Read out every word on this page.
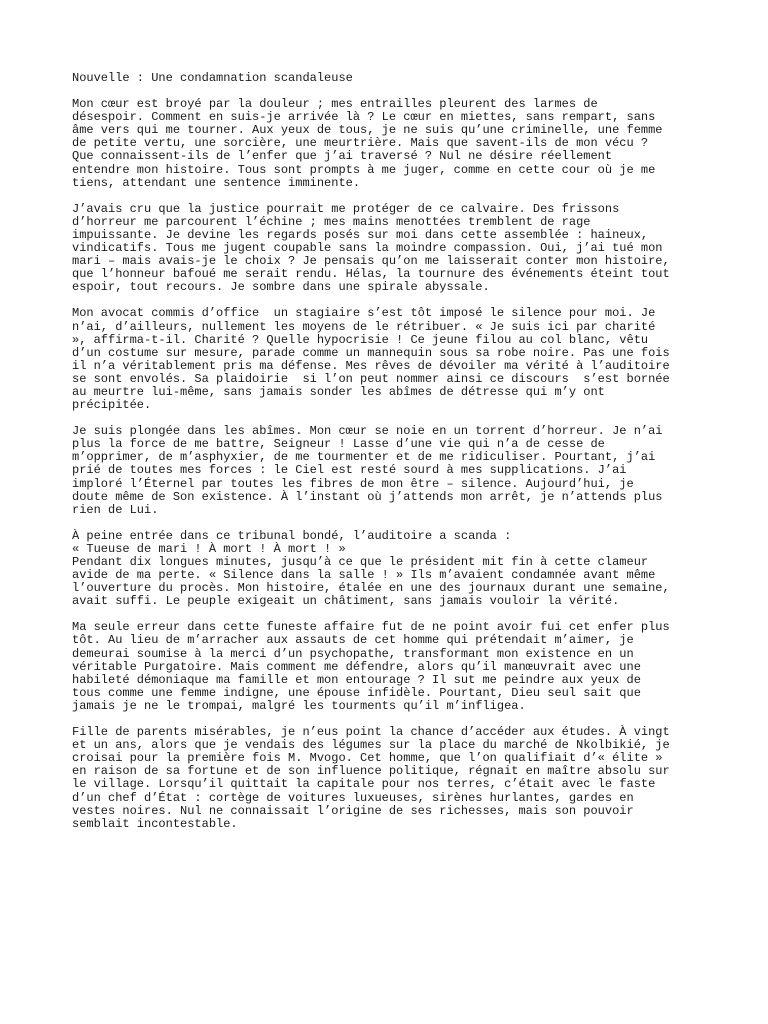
Nouvelle : Une condamnation scandaleuse
Mon cœur est broyé par la douleur ; mes entrailles pleurent des larmes de
désespoir. Comment en suis-je arrivée là ? Le cœur en miettes, sans rempart, sans
âme vers qui me tourner. Aux yeux de tous, je ne suis qu’une criminelle, une femme
de petite vertu, une sorcière, une meurtrière. Mais que savent-ils de mon vécu ?
Que connaissent-ils de l’enfer que j’ai traversé ? Nul ne désire réellement
entendre mon histoire. Tous sont prompts à me juger, comme en cette cour où je me
tiens, attendant une sentence imminente.
J’avais cru que la justice pourrait me protéger de ce calvaire. Des frissons
d’horreur me parcourent l’échine ; mes mains menottées tremblent de rage
impuissante. Je devine les regards posés sur moi dans cette assemblée : haineux,
vindicatifs. Tous me jugent coupable sans la moindre compassion. Oui, j’ai tué mon
mari – mais avais-je le choix ? Je pensais qu’on me laisserait conter mon histoire,
que l’honneur bafoué me serait rendu. Hélas, la tournure des événements éteint tout
espoir, tout recours. Je sombre dans une spirale abyssale.
Mon avocat commis d’office  un stagiaire s’est tôt imposé le silence pour moi. Je
n’ai, d’ailleurs, nullement les moyens de le rétribuer. « Je suis ici par charité
», affirma-t-il. Charité ? Quelle hypocrisie ! Ce jeune filou au col blanc, vêtu
d’un costume sur mesure, parade comme un mannequin sous sa robe noire. Pas une fois
il n’a véritablement pris ma défense. Mes rêves de dévoiler ma vérité à l’auditoire
se sont envolés. Sa plaidoirie  si l’on peut nommer ainsi ce discours  s’est bornée
au meurtre lui-même, sans jamais sonder les abîmes de détresse qui m’y ont
précipitée.
Je suis plongée dans les abîmes. Mon cœur se noie en un torrent d’horreur. Je n’ai
plus la force de me battre, Seigneur ! Lasse d’une vie qui n’a de cesse de
m’opprimer, de m’asphyxier, de me tourmenter et de me ridiculiser. Pourtant, j’ai
prié de toutes mes forces : le Ciel est resté sourd à mes supplications. J’ai
imploré l’Éternel par toutes les fibres de mon être – silence. Aujourd’hui, je
doute même de Son existence. À l’instant où j’attends mon arrêt, je n’attends plus
rien de Lui.
À peine entrée dans ce tribunal bondé, l’auditoire a scanda :
« Tueuse de mari ! À mort ! À mort ! »
Pendant dix longues minutes, jusqu’à ce que le président mit fin à cette clameur
avide de ma perte. « Silence dans la salle ! » Ils m’avaient condamnée avant même
l’ouverture du procès. Mon histoire, étalée en une des journaux durant une semaine,
avait suffi. Le peuple exigeait un châtiment, sans jamais vouloir la vérité.
Ma seule erreur dans cette funeste affaire fut de ne point avoir fui cet enfer plus
tôt. Au lieu de m’arracher aux assauts de cet homme qui prétendait m’aimer, je
demeurai soumise à la merci d’un psychopathe, transformant mon existence en un
véritable Purgatoire. Mais comment me défendre, alors qu’il manœuvrait avec une
habileté démoniaque ma famille et mon entourage ? Il sut me peindre aux yeux de
tous comme une femme indigne, une épouse infidèle. Pourtant, Dieu seul sait que
jamais je ne le trompai, malgré les tourments qu’il m’infligea.
Fille de parents misérables, je n’eus point la chance d’accéder aux études. À vingt
et un ans, alors que je vendais des légumes sur la place du marché de Nkolbikié, je
croisai pour la première fois M. Mvogo. Cet homme, que l’on qualifiait d’« élite »
en raison de sa fortune et de son influence politique, régnait en maître absolu sur
le village. Lorsqu’il quittait la capitale pour nos terres, c’était avec le faste
d’un chef d’État : cortège de voitures luxueuses, sirènes hurlantes, gardes en
vestes noires. Nul ne connaissait l’origine de ses richesses, mais son pouvoir
semblait incontestable.
